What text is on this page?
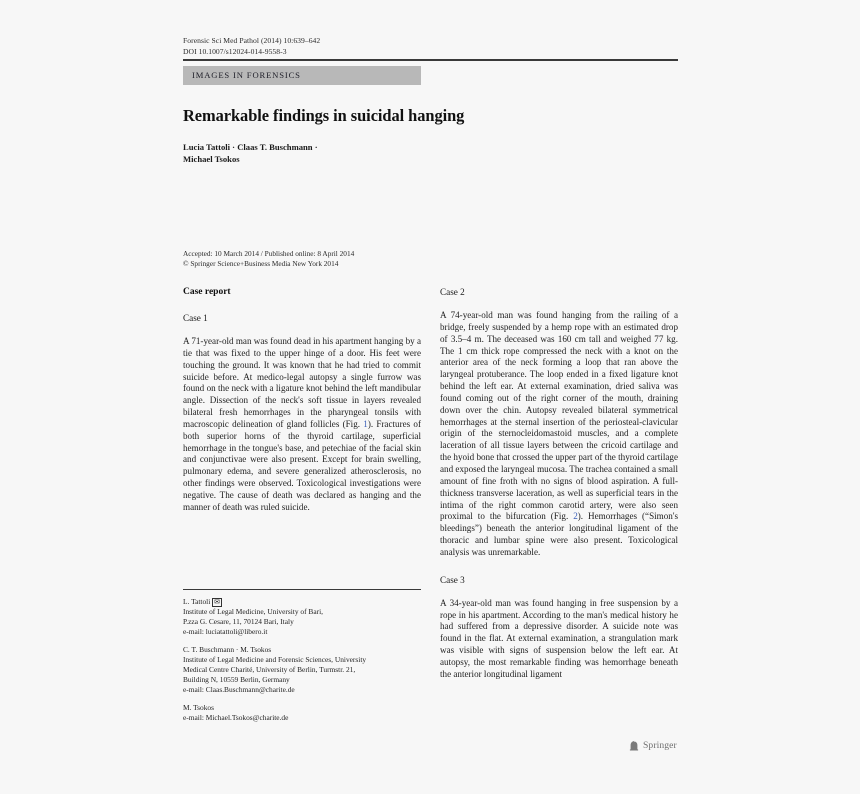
Forensic Sci Med Pathol (2014) 10:639–642
DOI 10.1007/s12024-014-9558-3
IMAGES IN FORENSICS
Remarkable findings in suicidal hanging
Lucia Tattoli · Claas T. Buschmann ·
Michael Tsokos
Accepted: 10 March 2014 / Published online: 8 April 2014
© Springer Science+Business Media New York 2014
Case report
Case 1

A 71-year-old man was found dead in his apartment hanging by a tie that was fixed to the upper hinge of a door. His feet were touching the ground. It was known that he had tried to commit suicide before. At medico-legal autopsy a single furrow was found on the neck with a ligature knot behind the left mandibular angle. Dissection of the neck's soft tissue in layers revealed bilateral fresh hemorrhages in the pharyngeal tonsils with macroscopic delineation of gland follicles (Fig. 1). Fractures of both superior horns of the thyroid cartilage, superficial hemorrhage in the tongue's base, and petechiae of the facial skin and conjunctivae were also present. Except for brain swelling, pulmonary edema, and severe generalized atherosclerosis, no other findings were observed. Toxicological investigations were negative. The cause of death was declared as hanging and the manner of death was ruled suicide.

Case 2

A 74-year-old man was found hanging from the railing of a bridge, freely suspended by a hemp rope with an estimated drop of 3.5–4 m. The deceased was 160 cm tall and weighed 77 kg. The 1 cm thick rope compressed the neck with a knot on the anterior area of the neck forming a loop that ran above the laryngeal protuberance. The loop ended in a fixed ligature knot behind the left ear. At external examination, dried saliva was found coming out of the right corner of the mouth, draining down over the chin. Autopsy revealed bilateral symmetrical hemorrhages at the sternal insertion of the periosteal-clavicular origin of the sternocleidomastoid muscles, and a complete laceration of all tissue layers between the cricoid cartilage and the hyoid bone that crossed the upper part of the thyroid cartilage and exposed the laryngeal mucosa. The trachea contained a small amount of fine froth with no signs of blood aspiration. A full-thickness transverse laceration, as well as superficial tears in the intima of the right common carotid artery, were also seen proximal to the bifurcation (Fig. 2). Hemorrhages (“Simon's bleedings”) beneath the anterior longitudinal ligament of the thoracic and lumbar spine were also present. Toxicological analysis was unremarkable.

Case 3

A 34-year-old man was found hanging in free suspension by a rope in his apartment. According to the man's medical history he had suffered from a depressive disorder. A suicide note was found in the flat. At external examination, a strangulation mark was visible with signs of suspension below the left ear. At autopsy, the most remarkable finding was hemorrhage beneath the anterior longitudinal ligament

L. Tattoli ✉
Institute of Legal Medicine, University of Bari,
P.zza G. Cesare, 11, 70124 Bari, Italy
e-mail: luciatattoli@libero.it
C. T. Buschmann · M. Tsokos
Institute of Legal Medicine and Forensic Sciences, University
Medical Centre Charité, University of Berlin, Turmstr. 21,
Building N, 10559 Berlin, Germany
e-mail: Claas.Buschmann@charite.de
M. Tsokos
e-mail: Michael.Tsokos@charite.de
Springer
